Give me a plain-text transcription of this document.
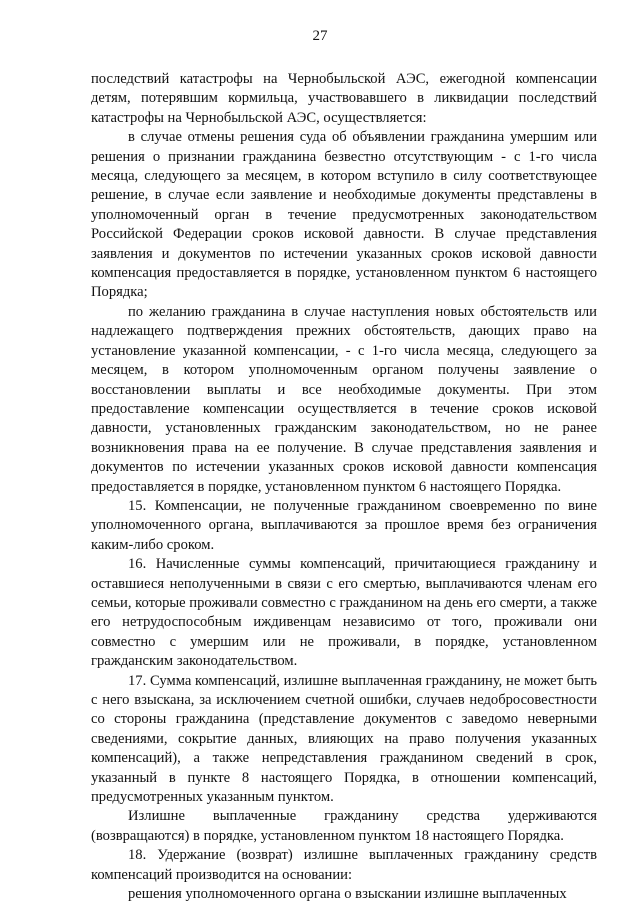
27

последствий катастрофы на Чернобыльской АЭС, ежегодной компенсации детям, потерявшим кормильца, участвовавшего в ликвидации последствий катастрофы на Чернобыльской АЭС, осуществляется:

в случае отмены решения суда об объявлении гражданина умершим или решения о признании гражданина безвестно отсутствующим - с 1-го числа месяца, следующего за месяцем, в котором вступило в силу соответствующее решение, в случае если заявление и необходимые документы представлены в уполномоченный орган в течение предусмотренных законодательством Российской Федерации сроков исковой давности. В случае представления заявления и документов по истечении указанных сроков исковой давности компенсация предоставляется в порядке, установленном пунктом 6 настоящего Порядка;

по желанию гражданина в случае наступления новых обстоятельств или надлежащего подтверждения прежних обстоятельств, дающих право на установление указанной компенсации, - с 1-го числа месяца, следующего за месяцем, в котором уполномоченным органом получены заявление о восстановлении выплаты и все необходимые документы. При этом предоставление компенсации осуществляется в течение сроков исковой давности, установленных гражданским законодательством, но не ранее возникновения права на ее получение. В случае представления заявления и документов по истечении указанных сроков исковой давности компенсация предоставляется в порядке, установленном пунктом 6 настоящего Порядка.

15. Компенсации, не полученные гражданином своевременно по вине уполномоченного органа, выплачиваются за прошлое время без ограничения каким-либо сроком.

16. Начисленные суммы компенсаций, причитающиеся гражданину и оставшиеся неполученными в связи с его смертью, выплачиваются членам его семьи, которые проживали совместно с гражданином на день его смерти, а также его нетрудоспособным иждивенцам независимо от того, проживали они совместно с умершим или не проживали, в порядке, установленном гражданским законодательством.

17. Сумма компенсаций, излишне выплаченная гражданину, не может быть с него взыскана, за исключением счетной ошибки, случаев недобросовестности со стороны гражданина (представление документов с заведомо неверными сведениями, сокрытие данных, влияющих на право получения указанных компенсаций), а также непредставления гражданином сведений в срок, указанный в пункте 8 настоящего Порядка, в отношении компенсаций, предусмотренных указанным пунктом.

Излишне выплаченные гражданину средства удерживаются (возвращаются) в порядке, установленном пунктом 18 настоящего Порядка.

18. Удержание (возврат) излишне выплаченных гражданину средств компенсаций производится на основании:

решения уполномоченного органа о взыскании излишне выплаченных
